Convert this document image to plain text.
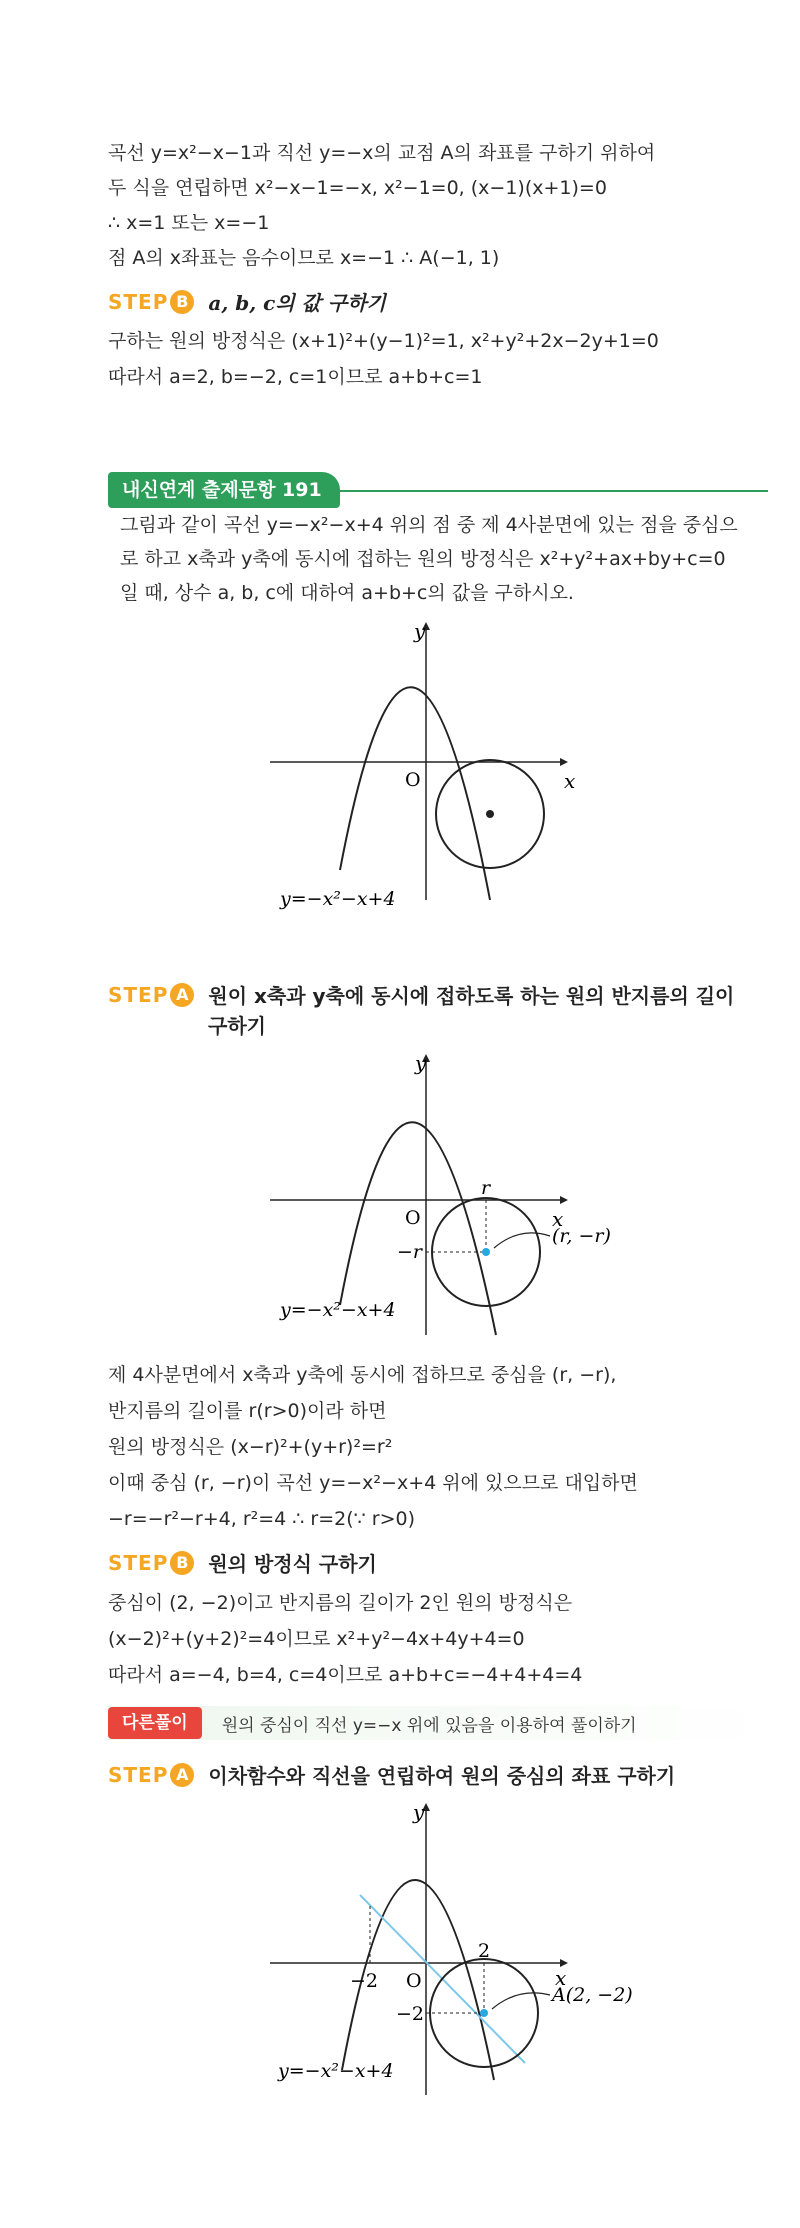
곡선 y=x²−x−1과 직선 y=−x의 교점 A의 좌표를 구하기 위하여
두 식을 연립하면 x²−x−1=−x, x²−1=0, (x−1)(x+1)=0
∴ x=1 또는 x=−1
점 A의 x좌표는 음수이므로 x=−1 ∴ A(−1, 1)
STEP B a, b, c의 값 구하기
구하는 원의 방정식은 (x+1)²+(y−1)²=1, x²+y²+2x−2y+1=0
따라서 a=2, b=−2, c=1이므로 a+b+c=1
내신연계 출제문항 191
그림과 같이 곡선 y=−x²−x+4 위의 점 중 제 4사분면에 있는 점을 중심으
로 하고 x축과 y축에 동시에 접하는 원의 방정식은 x²+y²+ax+by+c=0
일 때, 상수 a, b, c에 대하여 a+b+c의 값을 구하시오.
y
x
O
y=−x²−x+4
STEP A 원이 x축과 y축에 동시에 접하도록 하는 원의 반지름의 길이
구하기
y
x
O
r
−r
(r, −r)
y=−x²−x+4
제 4사분면에서 x축과 y축에 동시에 접하므로 중심을 (r, −r),
반지름의 길이를 r(r>0)이라 하면
원의 방정식은 (x−r)²+(y+r)²=r²
이때 중심 (r, −r)이 곡선 y=−x²−x+4 위에 있으므로 대입하면
−r=−r²−r+4, r²=4 ∴ r=2(∵ r>0)
STEP B 원의 방정식 구하기
중심이 (2, −2)이고 반지름의 길이가 2인 원의 방정식은
(x−2)²+(y+2)²=4이므로 x²+y²−4x+4y+4=0
따라서 a=−4, b=4, c=4이므로 a+b+c=−4+4+4=4
다른풀이	원의 중심이 직선 y=−x 위에 있음을 이용하여 풀이하기
STEP A 이차함수와 직선을 연립하여 원의 중심의 좌표 구하기
y
x
O
2
−2
−2
A(2, −2)
y=−x²−x+4
